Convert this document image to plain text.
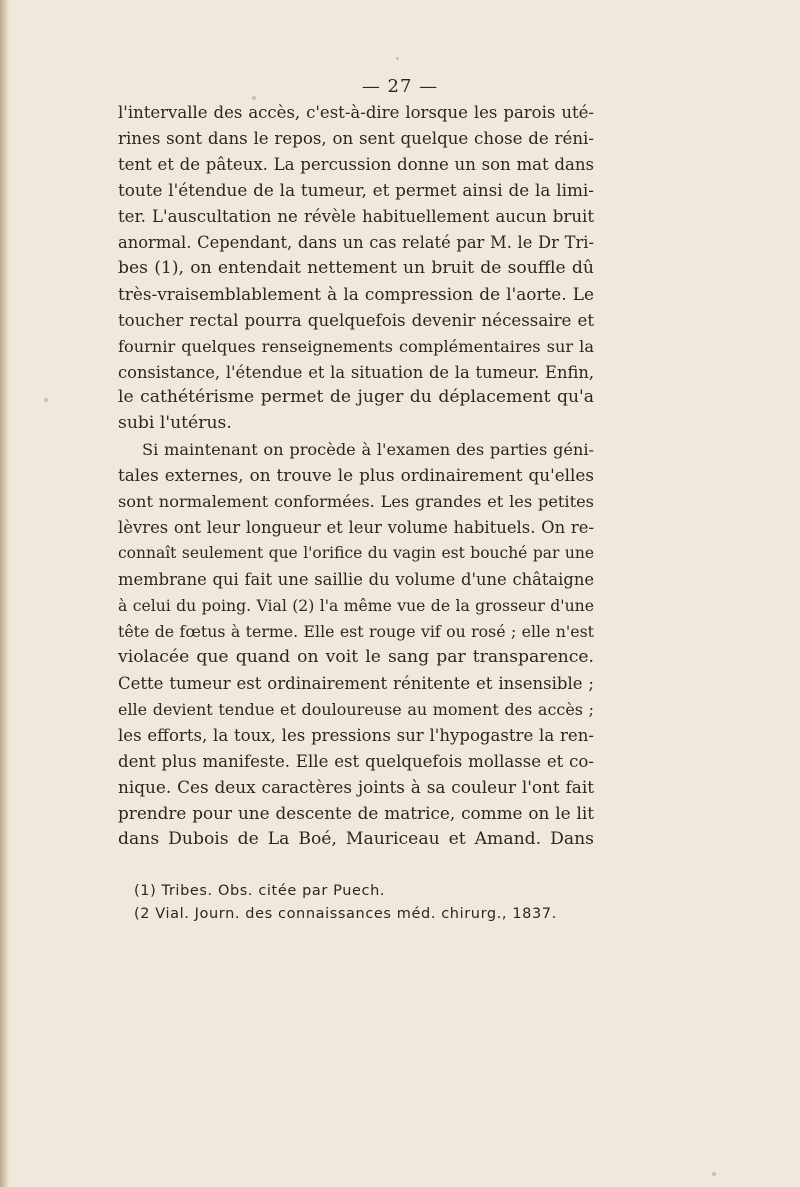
— 27 —
l'intervalle des accès, c'est-à-dire lorsque les parois uté-
rines sont dans le repos, on sent quelque chose de réni-
tent et de pâteux. La percussion donne un son mat dans
toute l'étendue de la tumeur, et permet ainsi de la limi-
ter. L'auscultation ne révèle habituellement aucun bruit
anormal. Cependant, dans un cas relaté par M. le Dr Tri-
bes (1), on entendait nettement un bruit de souffle dû
très-vraisemblablement à la compression de l'aorte. Le
toucher rectal pourra quelquefois devenir nécessaire et
fournir quelques renseignements complémentaires sur la
consistance, l'étendue et la situation de la tumeur. Enfin,
le cathétérisme permet de juger du déplacement qu'a
subi l'utérus.
Si maintenant on procède à l'examen des parties géni-
tales externes, on trouve le plus ordinairement qu'elles
sont normalement conformées. Les grandes et les petites
lèvres ont leur longueur et leur volume habituels. On re-
connaît seulement que l'orifice du vagin est bouché par une
membrane qui fait une saillie du volume d'une châtaigne
à celui du poing. Vial (2) l'a même vue de la grosseur d'une
tête de fœtus à terme. Elle est rouge vif ou rosé ; elle n'est
violacée que quand on voit le sang par transparence.
Cette tumeur est ordinairement rénitente et insensible ;
elle devient tendue et douloureuse au moment des accès ;
les efforts, la toux, les pressions sur l'hypogastre la ren-
dent plus manifeste. Elle est quelquefois mollasse et co-
nique. Ces deux caractères joints à sa couleur l'ont fait
prendre pour une descente de matrice, comme on le lit
dans Dubois de La Boé, Mauriceau et Amand. Dans
(1) Tribes. Obs. citée par Puech.
(2 Vial. Journ. des connaissances méd. chirurg., 1837.
